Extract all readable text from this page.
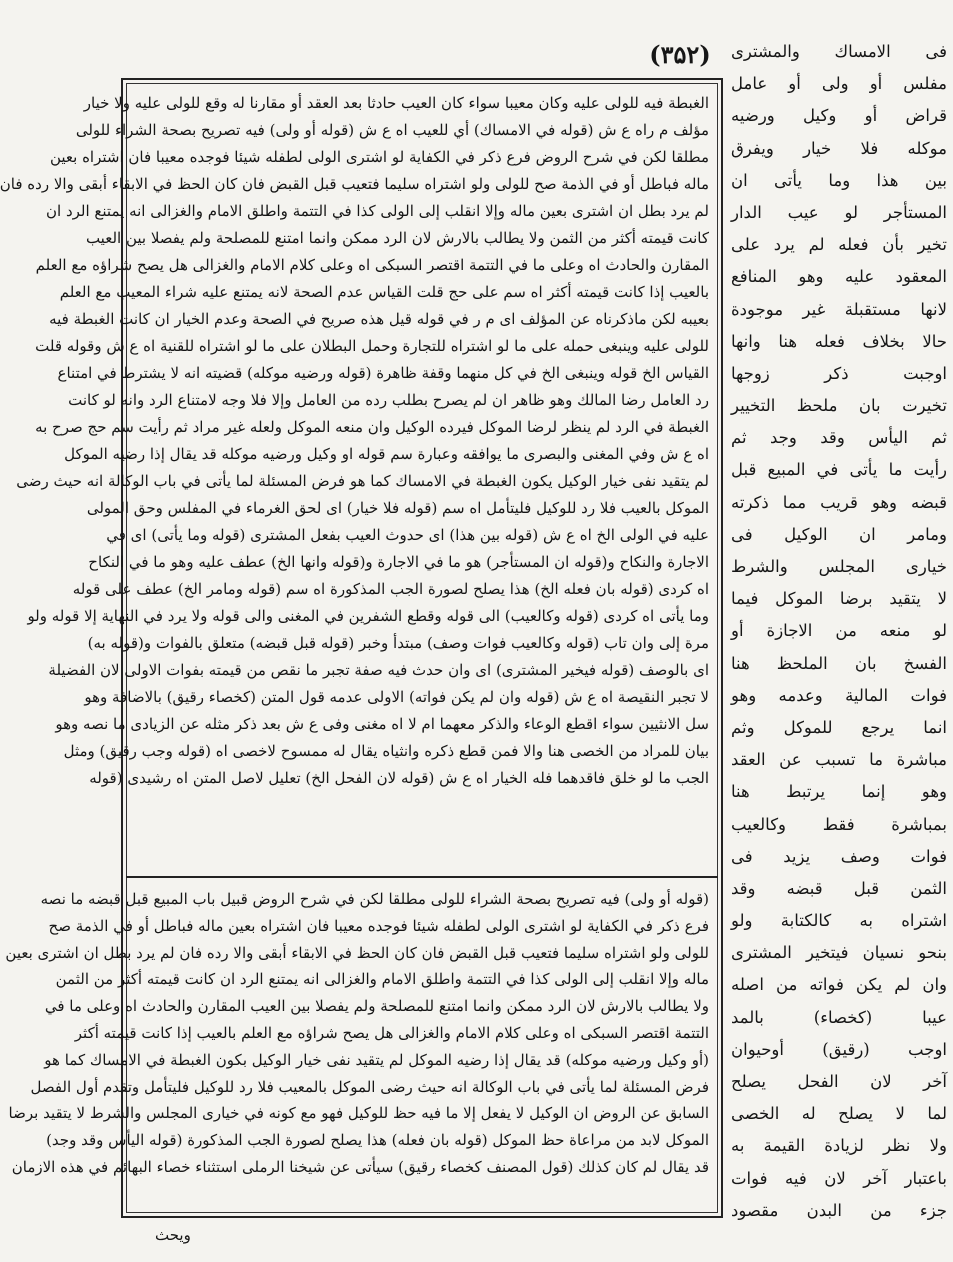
(۳۵۲)	فى الامساك والمشترى
مفلس أو ولى أو عامل
قراض أو وكيل ورضيه
موكله فلا خيار ويفرق
بين هذا وما يأتى ان
المستأجر لو عيب الدار
تخير بأن فعله لم يرد على
المعقود عليه وهو المنافع
لانها مستقبلة غير موجودة
حالا بخلاف فعله هنا وانها
اوجبت ذكر زوجها
تخيرت بان ملحظ التخيير
ثم اليأس وقد وجد ثم
رأيت ما يأتى في المبيع قبل
قبضه وهو قريب مما ذكرته
ومامر ان الوكيل فى
خيارى المجلس والشرط
لا يتقيد برضا الموكل فيما
لو منعه من الاجازة أو
الفسخ بان الملحظ هنا
فوات المالية وعدمه وهو
انما يرجع للموكل وثم
مباشرة ما تسبب عن العقد
وهو إنما يرتبط هنا
بمباشرة فقط وكالعيب
فوات وصف يزيد فى
الثمن قبل قبضه وقد
اشتراه به كالكتابة ولو
بنحو نسيان فيتخير المشترى
وان لم يكن فواته من اصله
عيبا (كخصاء) بالمد
اوجب (رقيق) أوحيوان
آخر لان الفحل يصلح
لما لا يصلح له الخصى
ولا نظر لزيادة القيمة به
باعتبار آخر لان فيه فوات
جزء من البدن مقصود
الغبطة فيه للولى عليه وكان معيبا سواء كان العيب حادثا بعد العقد أو مقارنا له وقع للولى عليه ولا خيار
مؤلف م راه ع ش (قوله في الامساك) أي للعيب اه ع ش (قوله أو ولى) فيه تصريح بصحة الشراء للولى
مطلقا لكن في شرح الروض فرع ذكر في الكفاية لو اشترى الولى لطفله شيئا فوجده معيبا فان اشتراه بعين
ماله فباطل أو في الذمة صح للولى ولو اشتراه سليما فتعيب قبل القبض فان كان الحظ في الابقاء أبقى والا رده فان
لم يرد بطل ان اشترى بعين ماله وإلا انقلب إلى الولى كذا في التتمة واطلق الامام والغزالى انه يمتنع الرد ان
كانت قيمته أكثر من الثمن ولا يطالب بالارش لان الرد ممكن وانما امتنع للمصلحة ولم يفصلا بين العيب
المقارن والحادث اه وعلى ما في التتمة اقتصر السبكى اه وعلى كلام الامام والغزالى هل يصح شراؤه مع العلم
بالعيب إذا كانت قيمته أكثر اه سم على حج قلت القياس عدم الصحة لانه يمتنع عليه شراء المعيب مع العلم
بعيبه لكن ماذكرناه عن المؤلف اى م ر في قوله قيل هذه صريح في الصحة وعدم الخيار ان كانت الغبطة فيه
للولى عليه وينبغى حمله على ما لو اشتراه للتجارة وحمل البطلان على ما لو اشتراه للقنية اه ع ش وقوله قلت
القياس الخ قوله وينبغى الخ في كل منهما وقفة ظاهرة (قوله ورضيه موكله) قضيته انه لا يشترط في امتناع
رد العامل رضا المالك وهو ظاهر ان لم يصرح بطلب رده من العامل وإلا فلا وجه لامتناع الرد وانه لو كانت
الغبطة في الرد لم ينظر لرضا الموكل فيرده الوكيل وان منعه الموكل ولعله غير مراد ثم رأيت سم حج صرح به
اه ع ش وفي المغنى والبصرى ما يوافقه وعبارة سم قوله او وكيل ورضيه موكله قد يقال إذا رضيه الموكل
لم يتقيد نفى خيار الوكيل يكون الغبطة في الامساك كما هو فرض المسئلة لما يأتى في باب الوكالة انه حيث رضى
الموكل بالعيب فلا رد للوكيل فليتأمل اه سم (قوله فلا خيار) اى لحق الغرماء في المفلس وحق المولى
عليه في الولى الخ اه ع ش (قوله بين هذا) اى حدوث العيب بفعل المشترى (قوله وما يأتى) اى في
الاجارة والنكاح و(قوله ان المستأجر) هو ما في الاجارة و(قوله وانها الخ) عطف عليه وهو ما في النكاح
اه كردى (قوله بان فعله الخ) هذا يصلح لصورة الجب المذكورة اه سم (قوله ومامر الخ) عطف على قوله
وما يأتى اه كردى (قوله وكالعيب) الى قوله وقطع الشفرين في المغنى والى قوله ولا يرد في النهاية إلا قوله ولو
مرة إلى وان تاب (قوله وكالعيب فوات وصف) مبتدأ وخبر (قوله قبل قبضه) متعلق بالفوات و(قوله به)
اى بالوصف (قوله فيخير المشترى) اى وان حدث فيه صفة تجبر ما نقص من قيمته بفوات الاولى لان الفضيلة
لا تجبر النقيصة اه ع ش (قوله وان لم يكن فواته) الاولى عدمه قول المتن (كخصاء رقيق) بالاضافة وهو
سل الانثيين سواء اقطع الوعاء والذكر معهما ام لا اه مغنى وفى ع ش بعد ذكر مثله عن الزيادى ما نصه وهو
بيان للمراد من الخصى هنا والا فمن قطع ذكره وانثياه يقال له ممسوح لاخصى اه (قوله وجب رقيق) ومثل
الجب ما لو خلق فاقدهما فله الخيار اه ع ش (قوله لان الفحل الخ) تعليل لاصل المتن اه رشيدى (قوله
(قوله أو ولى) فيه تصريح بصحة الشراء للولى مطلقا لكن في شرح الروض قبيل باب المبيع قبل قبضه ما نصه
فرع ذكر في الكفاية لو اشترى الولى لطفله شيئا فوجده معيبا فان اشتراه بعين ماله فباطل أو في الذمة صح
للولى ولو اشتراه سليما فتعيب قبل القبض فان كان الحظ في الابقاء أبقى والا رده فان لم يرد بطل ان اشترى بعين
ماله وإلا انقلب إلى الولى كذا في التتمة واطلق الامام والغزالى انه يمتنع الرد ان كانت قيمته أكثر من الثمن
ولا يطالب بالارش لان الرد ممكن وانما امتنع للمصلحة ولم يفصلا بين العيب المقارن والحادث اه وعلى ما في
التتمة اقتصر السبكى اه وعلى كلام الامام والغزالى هل يصح شراؤه مع العلم بالعيب إذا كانت قيمته أكثر
(أو وكيل ورضيه موكله) قد يقال إذا رضيه الموكل لم يتقيد نفى خيار الوكيل بكون الغبطة في الامساك كما هو
فرض المسئلة لما يأتى في باب الوكالة انه حيث رضى الموكل بالمعيب فلا رد للوكيل فليتأمل وتقدم أول الفصل
السابق عن الروض ان الوكيل لا يفعل إلا ما فيه حظ للوكيل فهو مع كونه في خيارى المجلس والشرط لا يتقيد برضا
الموكل لابد من مراعاة حظ الموكل (قوله بان فعله) هذا يصلح لصورة الجب المذكورة (قوله اليأس وقد وجد)
قد يقال لم كان كذلك (قول المصنف كخصاء رقيق) سيأتى عن شيخنا الرملى استثناء خصاء البهائم في هذه الازمان
ويحث
